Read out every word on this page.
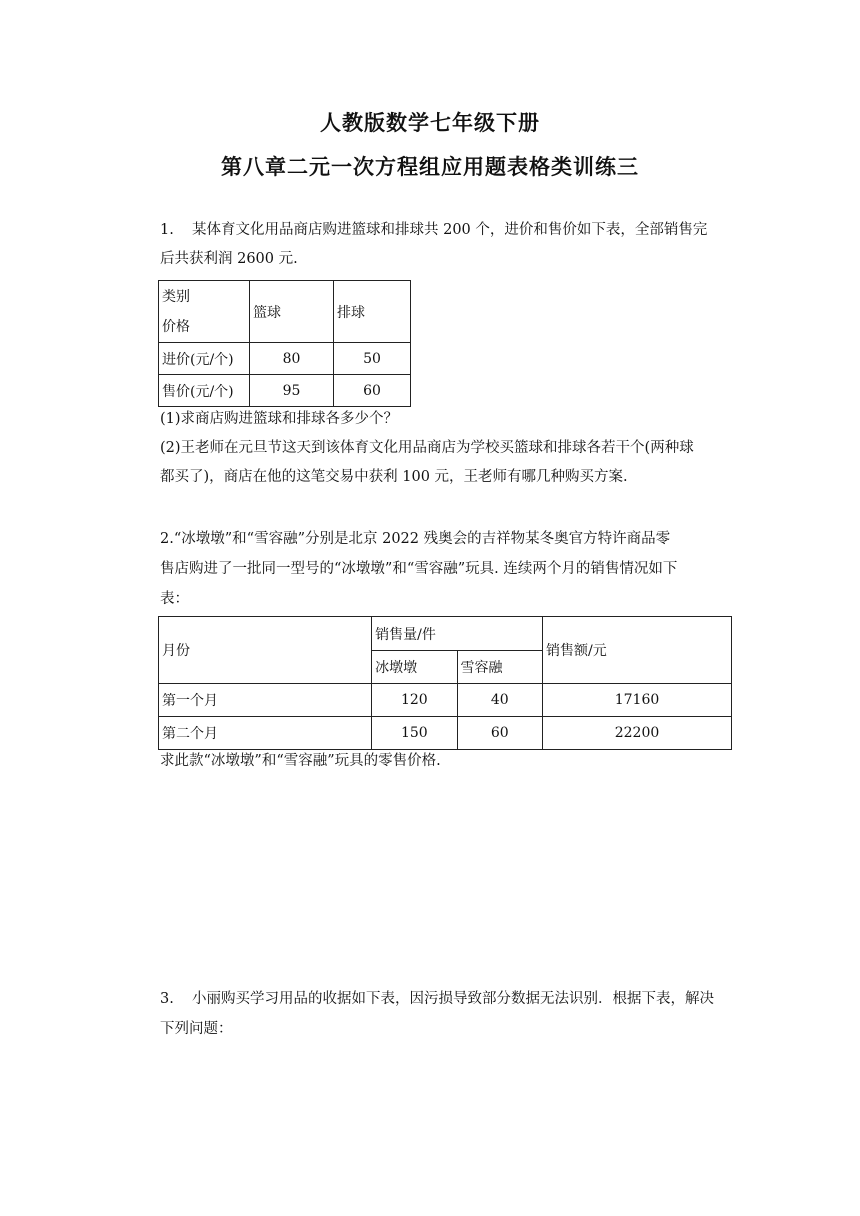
人教版数学七年级下册
第八章二元一次方程组应用题表格类训练三
1. 某体育文化用品商店购进篮球和排球共 200 个，进价和售价如下表，全部销售完
后共获利润 2600 元.
类别
价格	篮球	排球
进价(元/个)	80	50
售价(元/个)	95	60
(1)求商店购进篮球和排球各多少个？
(2)王老师在元旦节这天到该体育文化用品商店为学校买篮球和排球各若干个(两种球
都买了)，商店在他的这笔交易中获利 100 元，王老师有哪几种购买方案.
2.“冰墩墩”和“雪容融”分别是北京 2022 残奥会的吉祥物某冬奥官方特许商品零
售店购进了一批同一型号的“冰墩墩”和“雪容融”玩具. 连续两个月的销售情况如下
表：
月份	销售量/件		销售额/元
	冰墩墩	雪容融	
第一个月	120	40	17160
第二个月	150	60	22200
求此款“冰墩墩”和“雪容融”玩具的零售价格.
3. 小丽购买学习用品的收据如下表，因污损导致部分数据无法识别．根据下表，解决
下列问题：
